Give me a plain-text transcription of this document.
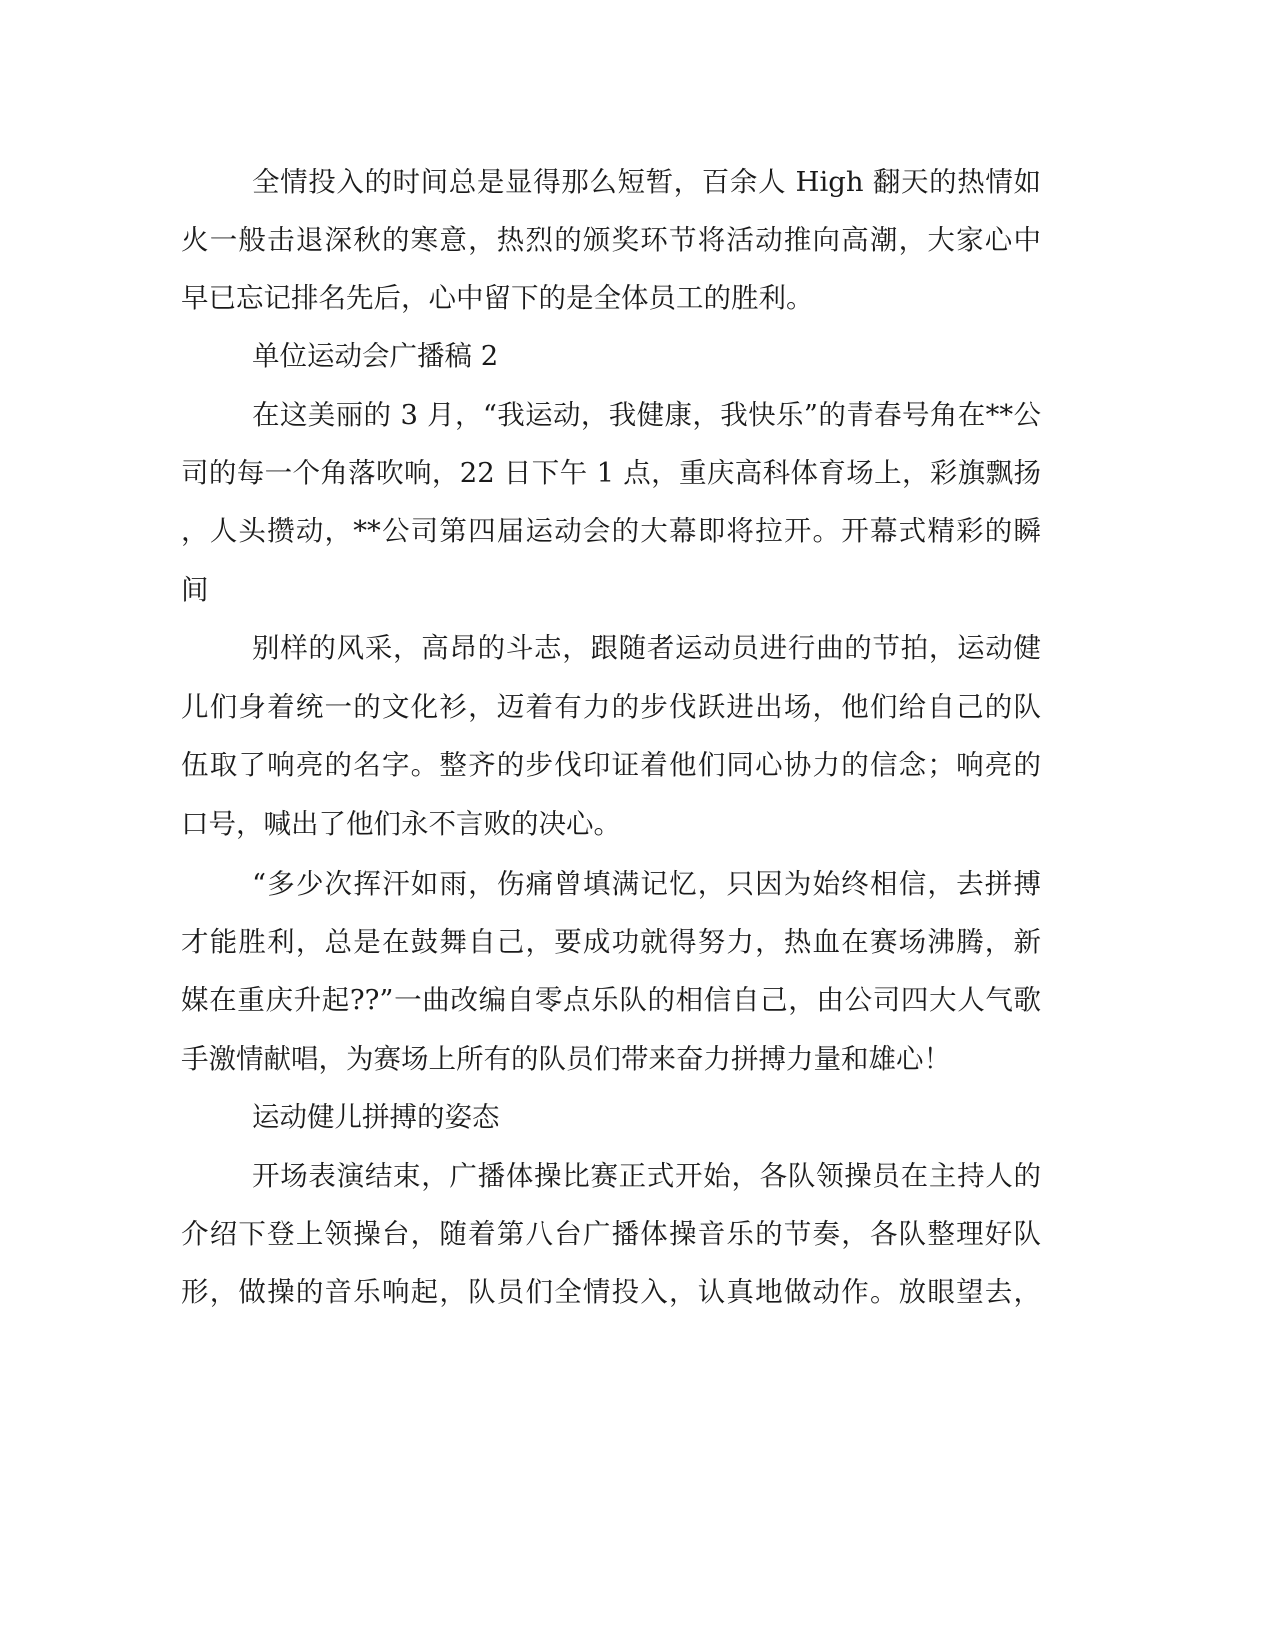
全情投入的时间总是显得那么短暂，百余人 High 翻天的热情如
火一般击退深秋的寒意，热烈的颁奖环节将活动推向高潮，大家心中
早已忘记排名先后，心中留下的是全体员工的胜利。
单位运动会广播稿 2
在这美丽的 3 月，“我运动，我健康，我快乐”的青春号角在**公
司的每一个角落吹响，22 日下午 1 点，重庆高科体育场上，彩旗飘扬
，人头攒动，**公司第四届运动会的大幕即将拉开。开幕式精彩的瞬
间
别样的风采，高昂的斗志，跟随者运动员进行曲的节拍，运动健
儿们身着统一的文化衫，迈着有力的步伐跃进出场，他们给自己的队
伍取了响亮的名字。整齐的步伐印证着他们同心协力的信念；响亮的
口号，喊出了他们永不言败的决心。
“多少次挥汗如雨，伤痛曾填满记忆，只因为始终相信，去拼搏
才能胜利，总是在鼓舞自己，要成功就得努力，热血在赛场沸腾，新
媒在重庆升起??”一曲改编自零点乐队的相信自己，由公司四大人气歌
手激情献唱，为赛场上所有的队员们带来奋力拼搏力量和雄心！
运动健儿拼搏的姿态
开场表演结束，广播体操比赛正式开始，各队领操员在主持人的
介绍下登上领操台，随着第八台广播体操音乐的节奏，各队整理好队
形，做操的音乐响起，队员们全情投入，认真地做动作。放眼望去，
